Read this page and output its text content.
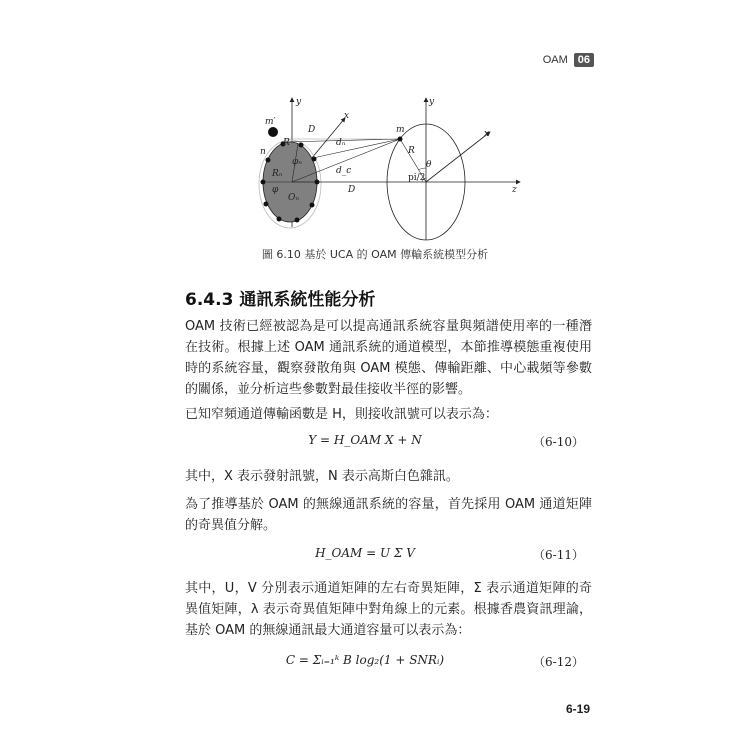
OAM 06
y	y
x
x
z
m′
n
R
φₙ
Rₙ
φ
Oₙ
D
dₙ
m
R
θ
pi/2
d_c
D
圖 6.10 基於 UCA 的 OAM 傳輸系統模型分析
6.4.3 通訊系統性能分析
OAM 技術已經被認為是可以提高通訊系統容量與頻譜使用率的一種潛在技術。根據上述 OAM 通訊系統的通道模型，本節推導模態重複使用時的系統容量，觀察發散角與 OAM 模態、傳輸距離、中心載頻等參數的關係，並分析這些參數對最佳接收半徑的影響。
已知窄頻通道傳輸函數是 H，則接收訊號可以表示為：
Y = H_OAM X + N	（6-10）
其中，X 表示發射訊號，N 表示高斯白色雜訊。
為了推導基於 OAM 的無線通訊系統的容量，首先採用 OAM 通道矩陣的奇異值分解。
H_OAM = U Σ V	（6-11）
其中，U，V 分別表示通道矩陣的左右奇異矩陣，Σ 表示通道矩陣的奇異值矩陣，λ 表示奇異值矩陣中對角線上的元素。根據香農資訊理論，基於 OAM 的無線通訊最大通道容量可以表示為：
C = Σᵢ₌₁ᵏ B log₂(1 + SNRᵢ)	（6-12）
6-19
